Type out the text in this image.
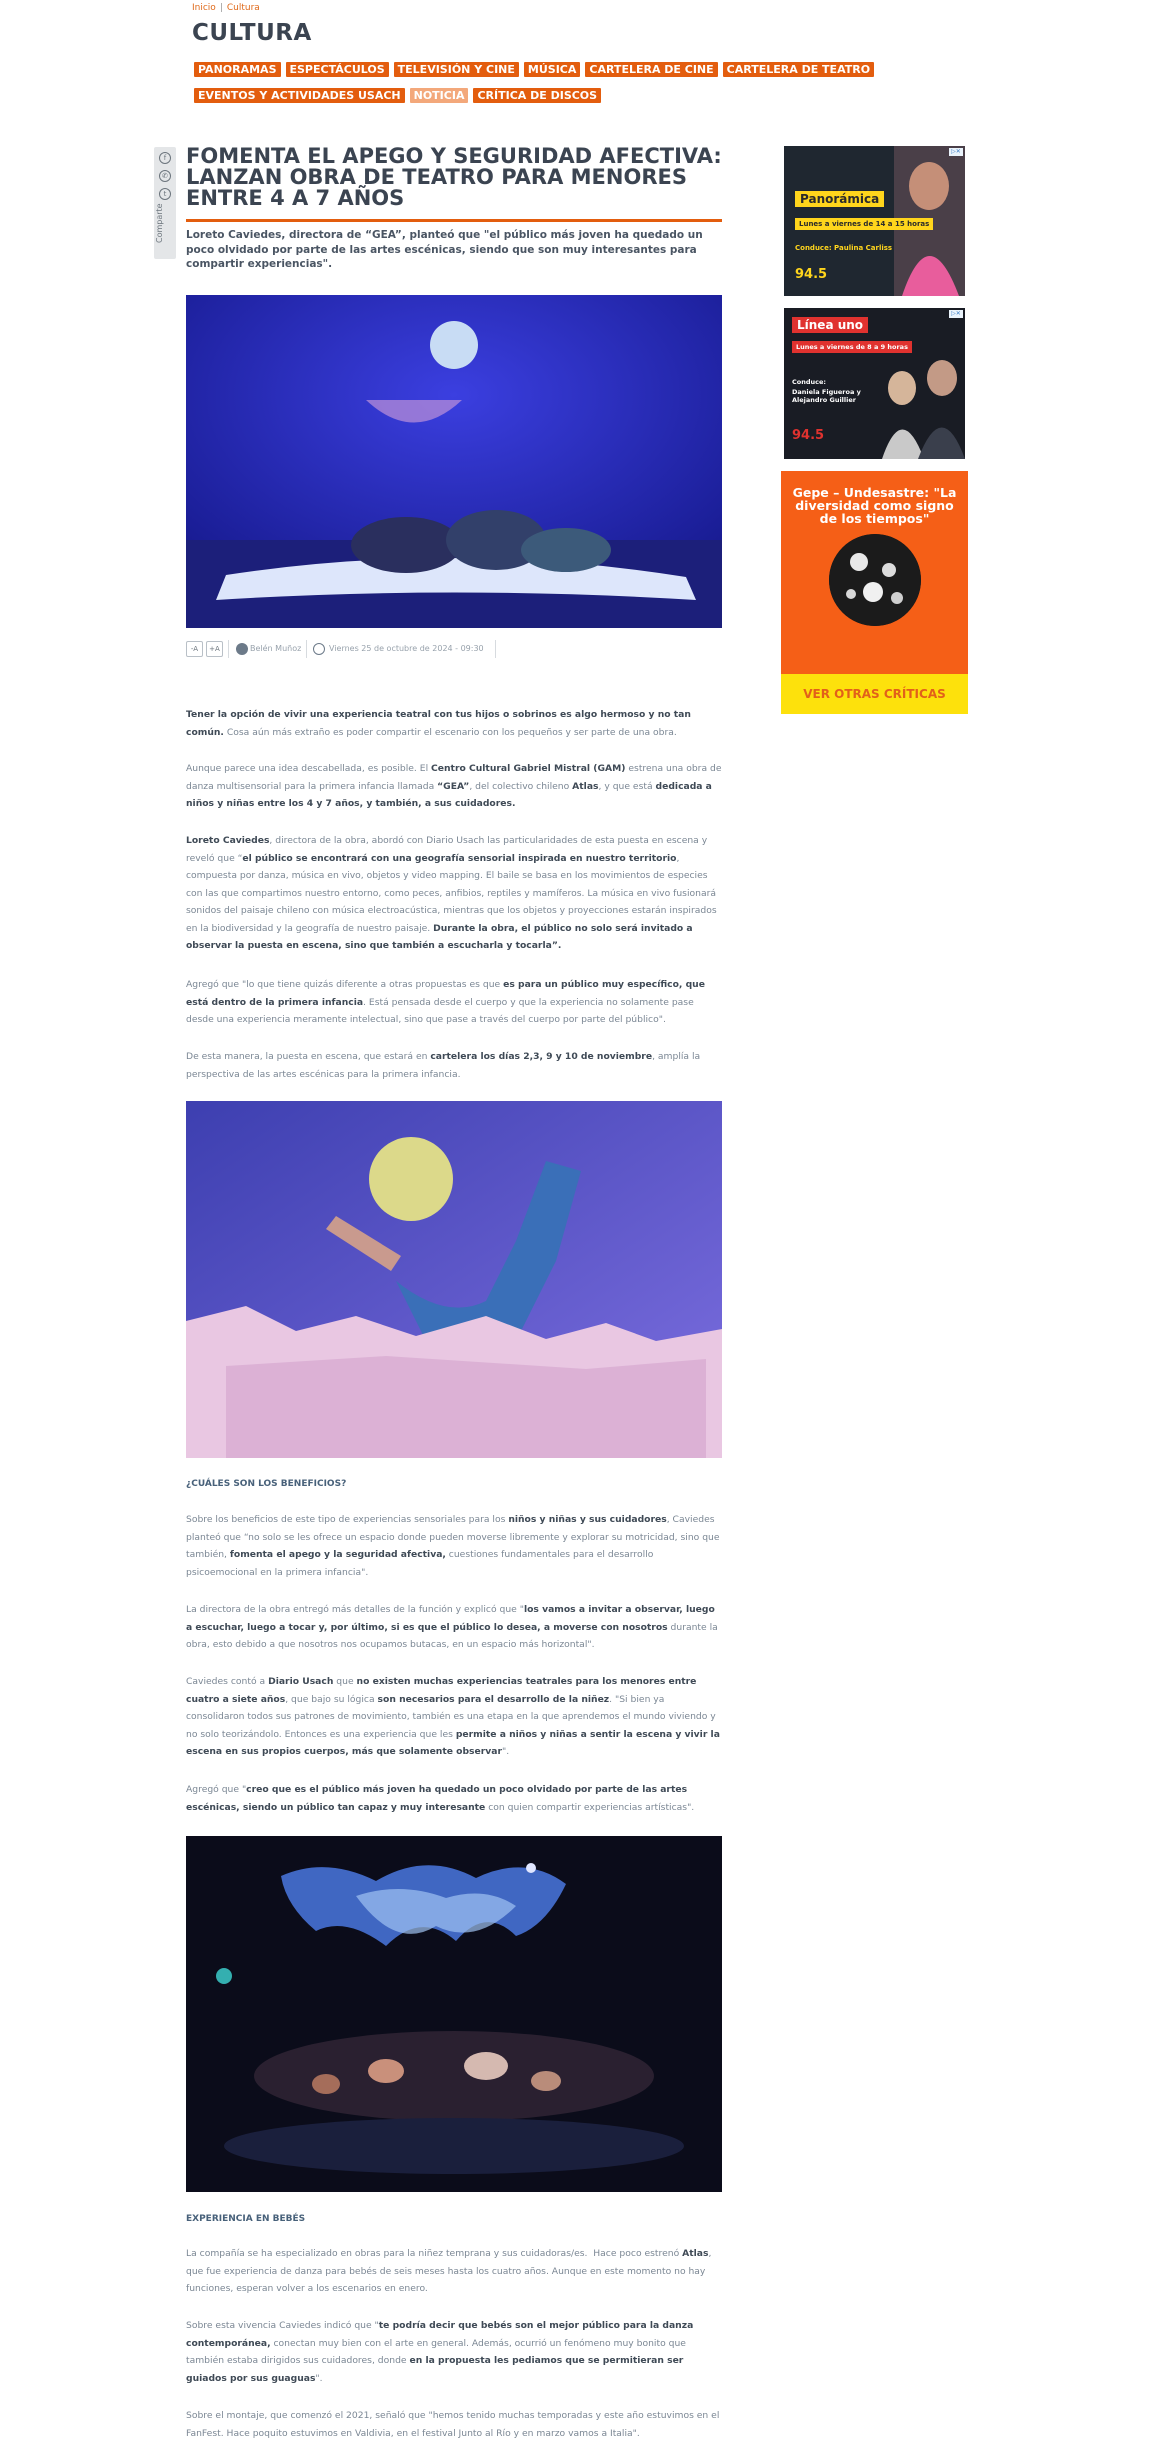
Inicio | Cultura
CULTURA
PANORAMAS ESPECTÁCULOS TELEVISIÓN Y CINE MÚSICA CARTELERA DE CINE CARTELERA DE TEATRO
EVENTOS Y ACTIVIDADES USACH NOTICIA CRÍTICA DE DISCOS
f
✆
t
Comparte
FOMENTA EL APEGO Y SEGURIDAD AFECTIVA: LANZAN OBRA DE TEATRO PARA MENORES ENTRE 4 A 7 AÑOS
Loreto Caviedes, directora de “GEA”, planteó que "el público más joven ha quedado un poco olvidado por parte de las artes escénicas, siendo que son muy interesantes para compartir experiencias".
-A	+A	Belén Muñoz	Viernes 25 de octubre de 2024 - 09:30

Tener la opción de vivir una experiencia teatral con tus hijos o sobrinos es algo hermoso y no tan común. Cosa aún más extraño es poder compartir el escenario con los pequeños y ser parte de una obra.

Aunque parece una idea descabellada, es posible. El Centro Cultural Gabriel Mistral (GAM) estrena una obra de danza multisensorial para la primera infancia llamada “GEA”, del colectivo chileno Atlas, y que está dedicada a niños y niñas entre los 4 y 7 años, y también, a sus cuidadores.

Loreto Caviedes, directora de la obra, abordó con Diario Usach las particularidades de esta puesta en escena y reveló que “el público se encontrará con una geografía sensorial inspirada en nuestro territorio, compuesta por danza, música en vivo, objetos y video mapping. El baile se basa en los movimientos de especies con las que compartimos nuestro entorno, como peces, anfibios, reptiles y mamíferos. La música en vivo fusionará sonidos del paisaje chileno con música electroacústica, mientras que los objetos y proyecciones estarán inspirados en la biodiversidad y la geografía de nuestro paisaje. Durante la obra, el público no solo será invitado a observar la puesta en escena, sino que también a escucharla y tocarla”.

Agregó que "lo que tiene quizás diferente a otras propuestas es que es para un público muy específico, que está dentro de la primera infancia. Está pensada desde el cuerpo y que la experiencia no solamente pase desde una experiencia meramente intelectual, sino que pase a través del cuerpo por parte del público".

De esta manera, la puesta en escena, que estará en cartelera los días 2,3, 9 y 10 de noviembre, amplía la perspectiva de las artes escénicas para la primera infancia.

¿CUÁLES SON LOS BENEFICIOS?

Sobre los beneficios de este tipo de experiencias sensoriales para los niños y niñas y sus cuidadores, Caviedes planteó que “no solo se les ofrece un espacio donde pueden moverse libremente y explorar su motricidad, sino que también, fomenta el apego y la seguridad afectiva, cuestiones fundamentales para el desarrollo psicoemocional en la primera infancia".

La directora de la obra entregó más detalles de la función y explicó que "los vamos a invitar a observar, luego a escuchar, luego a tocar y, por último, si es que el público lo desea, a moverse con nosotros durante la obra, esto debido a que nosotros nos ocupamos butacas, en un espacio más horizontal".

Caviedes contó a Diario Usach que no existen muchas experiencias teatrales para los menores entre cuatro a siete años, que bajo su lógica son necesarios para el desarrollo de la niñez. "Si bien ya consolidaron todos sus patrones de movimiento, también es una etapa en la que aprendemos el mundo viviendo y no solo teorizándolo. Entonces es una experiencia que les permite a niños y niñas a sentir la escena y vivir la escena en sus propios cuerpos, más que solamente observar".

Agregó que "creo que es el público más joven ha quedado un poco olvidado por parte de las artes escénicas, siendo un público tan capaz y muy interesante con quien compartir experiencias artísticas".

EXPERIENCIA EN BEBÉS

La compañía se ha especializado en obras para la niñez temprana y sus cuidadoras/es.  Hace poco estrenó Atlas, que fue experiencia de danza para bebés de seis meses hasta los cuatro años. Aunque en este momento no hay funciones, esperan volver a los escenarios en enero.

Sobre esta vivencia Caviedes indicó que "te podría decir que bebés son el mejor público para la danza contemporánea, conectan muy bien con el arte en general. Además, ocurrió un fenómeno muy bonito que también estaba dirigidos sus cuidadores, donde en la propuesta les pediamos que se permitieran ser guiados por sus guaguas".

Sobre el montaje, que comenzó el 2021, señaló que "hemos tenido muchas temporadas y este año estuvimos en el FanFest. Hace poquito estuvimos en Valdivia, en el festival Junto al Río y en marzo vamos a Italia".

▷✕
Panorámica
Lunes a viernes de 14 a 15 horas
Conduce: Paulina Carliss
94.5
▷✕
Línea uno
Lunes a viernes de 8 a 9 horas
Conduce:
Daniela Figueroa y Alejandro Guillier
94.5
Gepe – Undesastre: "La diversidad como signo de los tiempos"
VER OTRAS CRÍTICAS
